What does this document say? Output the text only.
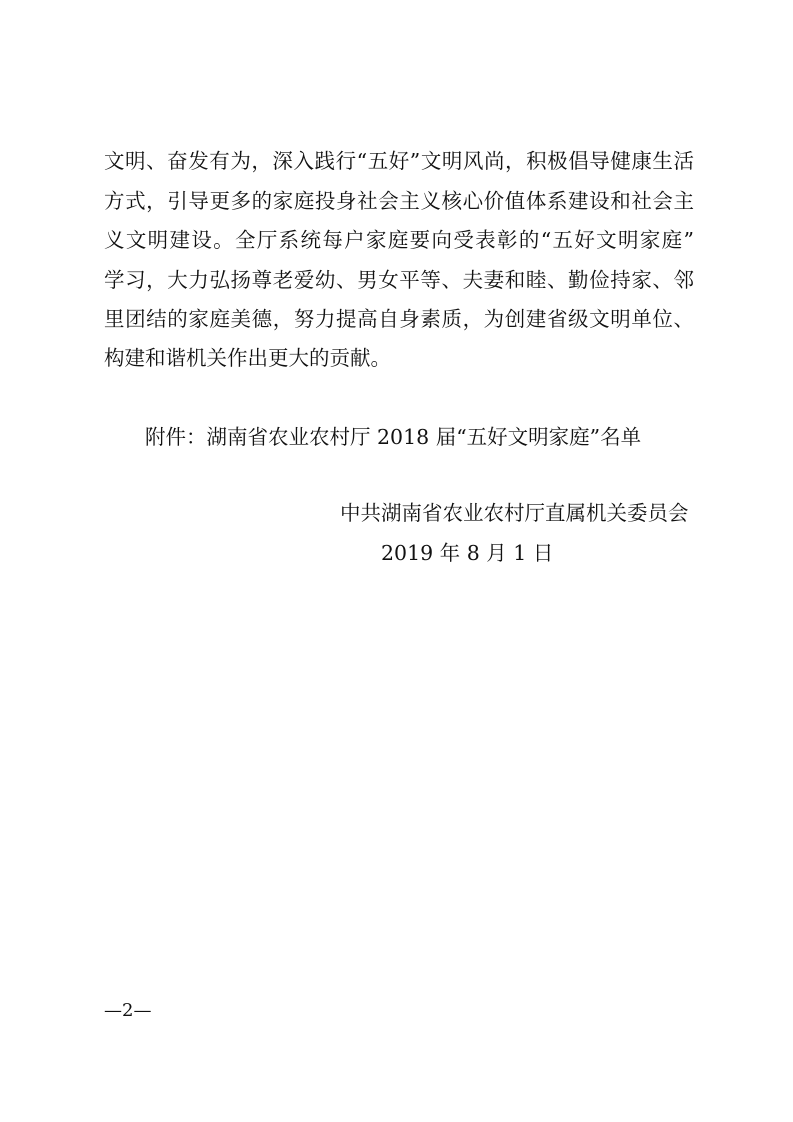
文明、奋发有为，深入践行“五好”文明风尚，积极倡导健康生活
方式，引导更多的家庭投身社会主义核心价值体系建设和社会主
义文明建设。全厅系统每户家庭要向受表彰的“五好文明家庭”
学习，大力弘扬尊老爱幼、男女平等、夫妻和睦、勤俭持家、邻
里团结的家庭美德，努力提高自身素质，为创建省级文明单位、
构建和谐机关作出更大的贡献。
附件：湖南省农业农村厅 2018 届“五好文明家庭”名单
中共湖南省农业农村厅直属机关委员会
2019 年 8 月 1 日
—2—
